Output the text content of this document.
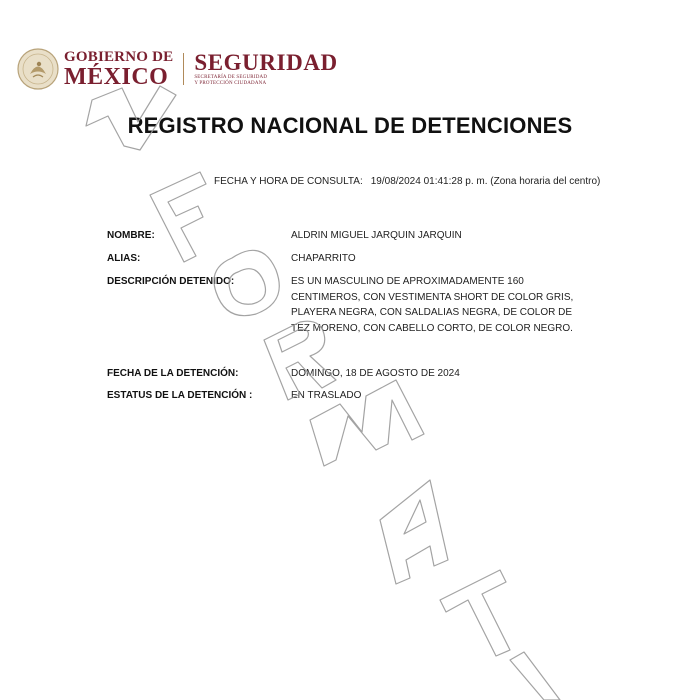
GOBIERNO DE
MÉXICO
SEGURIDAD
SECRETARÍA DE SEGURIDAD
Y PROTECCIÓN CIUDADANA
REGISTRO NACIONAL DE DETENCIONES
FECHA Y HORA DE CONSULTA: 19/08/2024 01:41:28 p. m. (Zona horaria del centro)
NOMBRE:	ALDRIN MIGUEL JARQUIN JARQUIN
ALIAS:	CHAPARRITO
DESCRIPCIÓN DETENIDO:	ES UN MASCULINO DE APROXIMADAMENTE 160 CENTIMEROS, CON VESTIMENTA SHORT DE COLOR GRIS, PLAYERA NEGRA, CON SALDALIAS NEGRA, DE COLOR DE TEZ MORENO, CON CABELLO CORTO, DE COLOR NEGRO.
FECHA DE LA DETENCIÓN:	DOMINGO, 18 DE AGOSTO DE 2024
ESTATUS DE LA DETENCIÓN :	EN TRASLADO
